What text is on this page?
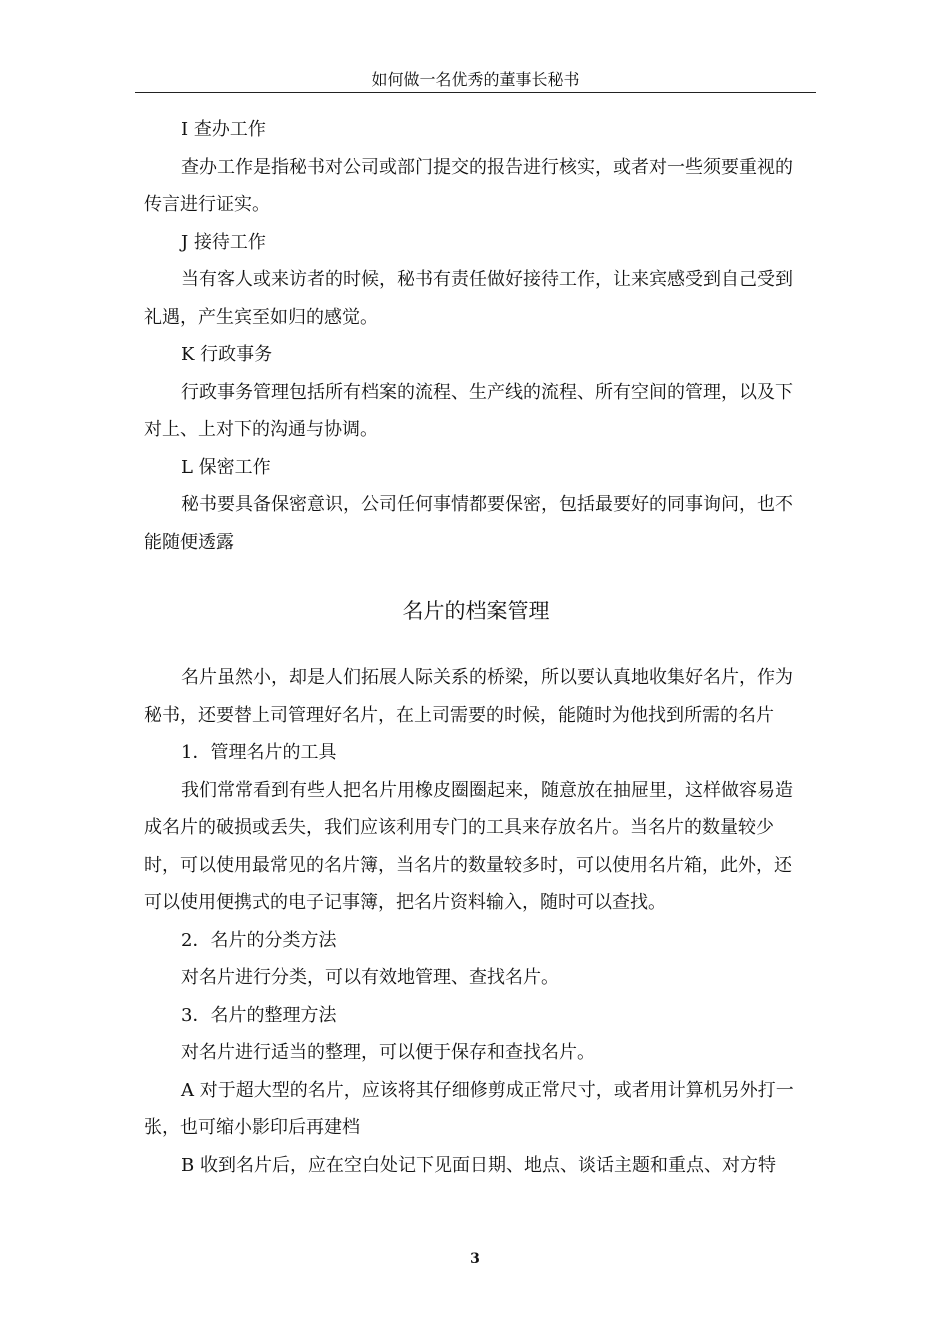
如何做一名优秀的董事长秘书

I 查办工作

查办工作是指秘书对公司或部门提交的报告进行核实，或者对一些须要重视的传言进行证实。

J 接待工作

当有客人或来访者的时候，秘书有责任做好接待工作，让来宾感受到自己受到礼遇，产生宾至如归的感觉。

K 行政事务

行政事务管理包括所有档案的流程、生产线的流程、所有空间的管理，以及下对上、上对下的沟通与协调。

L 保密工作

秘书要具备保密意识，公司任何事情都要保密，包括最要好的同事询问，也不能随便透露

名片的档案管理

名片虽然小，却是人们拓展人际关系的桥梁，所以要认真地收集好名片，作为秘书，还要替上司管理好名片，在上司需要的时候，能随时为他找到所需的名片

1．管理名片的工具

我们常常看到有些人把名片用橡皮圈圈起来，随意放在抽屉里，这样做容易造成名片的破损或丢失，我们应该利用专门的工具来存放名片。当名片的数量较少时，可以使用最常见的名片簿，当名片的数量较多时，可以使用名片箱，此外，还可以使用便携式的电子记事簿，把名片资料输入，随时可以查找。

2．名片的分类方法

对名片进行分类，可以有效地管理、查找名片。

3．名片的整理方法

对名片进行适当的整理，可以便于保存和查找名片。

A 对于超大型的名片，应该将其仔细修剪成正常尺寸，或者用计算机另外打一张，也可缩小影印后再建档

B 收到名片后，应在空白处记下见面日期、地点、谈话主题和重点、对方特

3
